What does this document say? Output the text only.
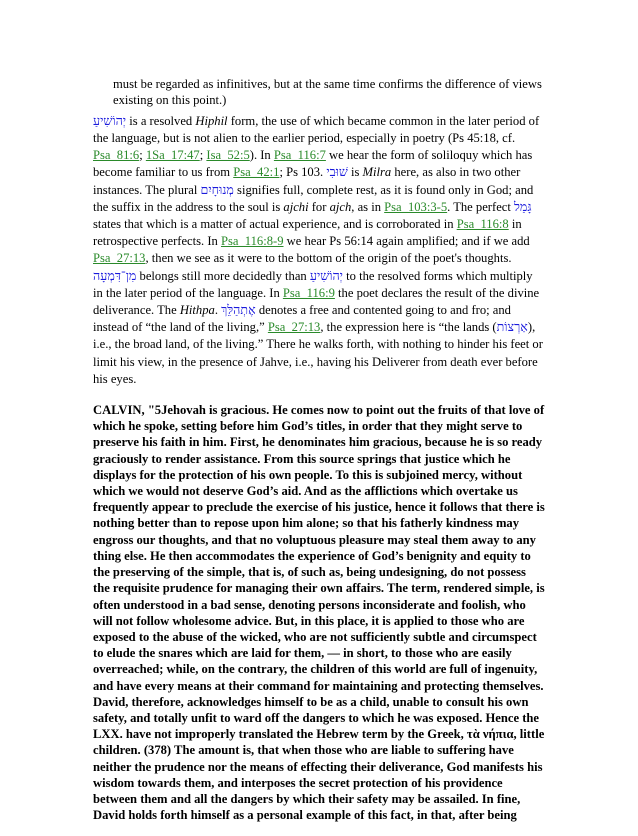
must be regarded as infinitives, but at the same time confirms the difference of views existing on this point.)

יְהוֹשִׁיעַ is a resolved Hiphil form, the use of which became common in the later period of the language, but is not alien to the earlier period, especially in poetry (Ps 45:18, cf. Psa_81:6; 1Sa_17:47; Isa_52:5). In Psa_116:7 we hear the form of soliloquy which has become familiar to us from Psa_42:1; Ps 103. שׁוּבִי is Milra here, as also in two other instances. The plural מְנוּחָיִם signifies full, complete rest, as it is found only in God; and the suffix in the address to the soul is ajchi for ajch, as in Psa_103:3-5. The perfect גָּמַל states that which is a matter of actual experience, and is corroborated in Psa_116:8 in retrospective perfects. In Psa_116:8-9 we hear Ps 56:14 again amplified; and if we add Psa_27:13, then we see as it were to the bottom of the origin of the poet's thoughts. מִן־דִּמְעָה belongs still more decidedly than יְהוֹשִׁיעַ to the resolved forms which multiply in the later period of the language. In Psa_116:9 the poet declares the result of the divine deliverance. The Hithpa. אֶתְהַלֵּךְ denotes a free and contented going to and fro; and instead of “the land of the living,” Psa_27:13, the expression here is “the lands (אַרְצוֹת), i.e., the broad land, of the living.” There he walks forth, with nothing to hinder his feet or limit his view, in the presence of Jahve, i.e., having his Deliverer from death ever before his eyes.

CALVIN, "5Jehovah is gracious. He comes now to point out the fruits of that love of which he spoke, setting before him God’s titles, in order that they might serve to preserve his faith in him. First, he denominates him gracious, because he is so ready graciously to render assistance. From this source springs that justice which he displays for the protection of his own people. To this is subjoined mercy, without which we would not deserve God’s aid. And as the afflictions which overtake us frequently appear to preclude the exercise of his justice, hence it follows that there is nothing better than to repose upon him alone; so that his fatherly kindness may engross our thoughts, and that no voluptuous pleasure may steal them away to any thing else. He then accommodates the experience of God’s benignity and equity to the preserving of the simple, that is, of such as, being undesigning, do not possess the requisite prudence for managing their own affairs. The term, rendered simple, is often understood in a bad sense, denoting persons inconsiderate and foolish, who will not follow wholesome advice. But, in this place, it is applied to those who are exposed to the abuse of the wicked, who are not sufficiently subtle and circumspect to elude the snares which are laid for them, — in short, to those who are easily overreached; while, on the contrary, the children of this world are full of ingenuity, and have every means at their command for maintaining and protecting themselves. David, therefore, acknowledges himself to be as a child, unable to consult his own safety, and totally unfit to ward off the dangers to which he was exposed. Hence the LXX. have not improperly translated the Hebrew term by the Greek, τὰ νήπια, little children. (378) The amount is, that when those who are liable to suffering have neither the prudence nor the means of effecting their deliverance, God manifests his wisdom towards them, and interposes the secret protection of his providence between them and all the dangers by which their safety may be assailed. In fine, David holds forth himself as a personal example of this fact, in that, after being
